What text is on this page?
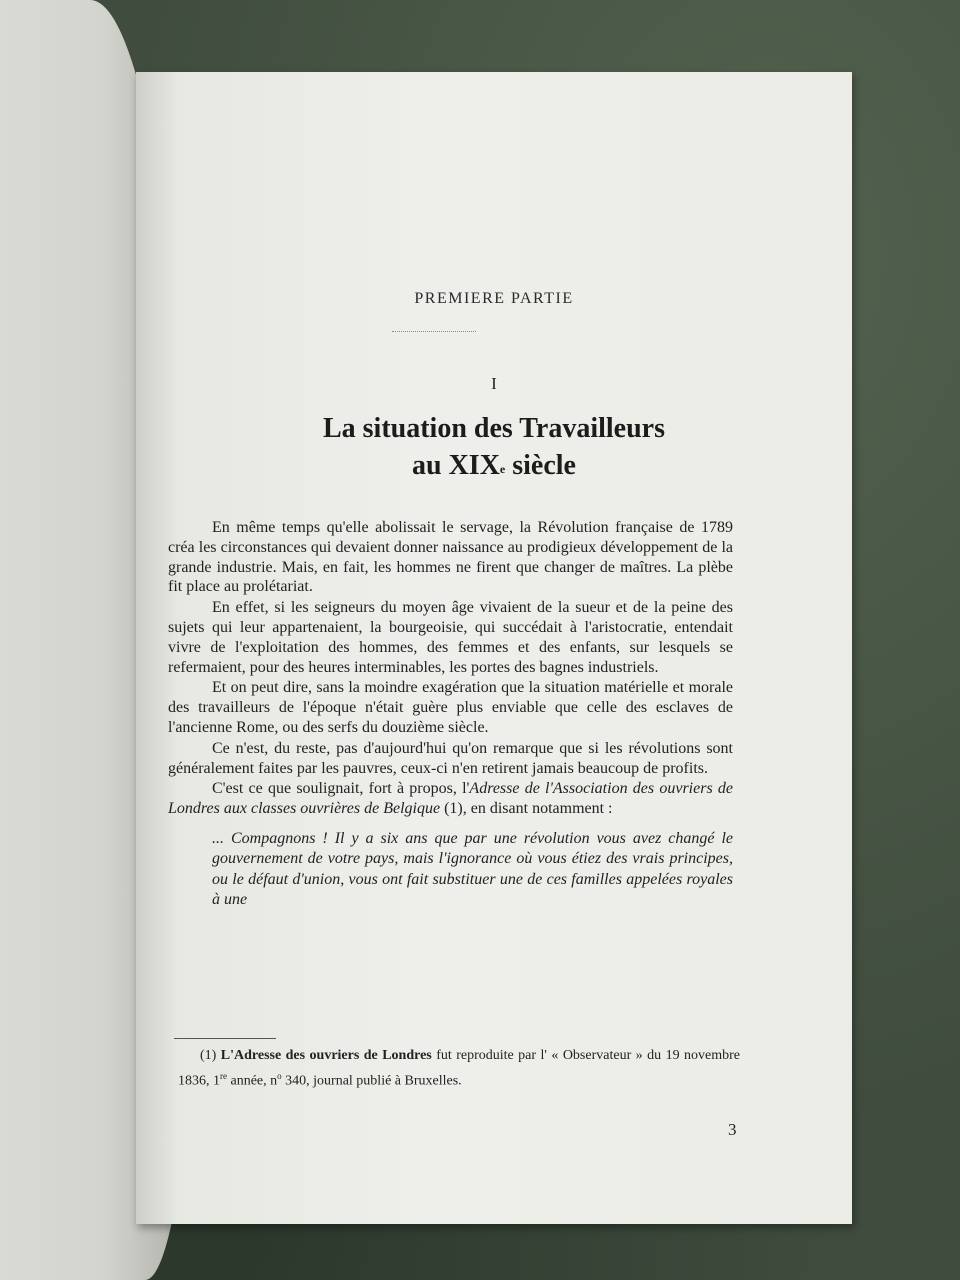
PREMIERE PARTIE
I
La situation des Travailleurs
au XIXe siècle

En même temps qu'elle abolissait le servage, la Révolution française de 1789 créa les circonstances qui devaient donner naissance au prodigieux développement de la grande industrie. Mais, en fait, les hommes ne firent que changer de maîtres. La plèbe fit place au prolétariat.

En effet, si les seigneurs du moyen âge vivaient de la sueur et de la peine des sujets qui leur appartenaient, la bourgeoisie, qui succédait à l'aristocratie, entendait vivre de l'exploitation des hommes, des femmes et des enfants, sur lesquels se refermaient, pour des heures interminables, les portes des bagnes industriels.

Et on peut dire, sans la moindre exagération que la situation matérielle et morale des travailleurs de l'époque n'était guère plus enviable que celle des esclaves de l'ancienne Rome, ou des serfs du douzième siècle.

Ce n'est, du reste, pas d'aujourd'hui qu'on remarque que si les révolutions sont généralement faites par les pauvres, ceux-ci n'en retirent jamais beaucoup de profits.

C'est ce que soulignait, fort à propos, l'Adresse de l'Association des ouvriers de Londres aux classes ouvrières de Belgique (1), en disant notamment :

... Compagnons ! Il y a six ans que par une révolution vous avez changé le gouvernement de votre pays, mais l'ignorance où vous étiez des vrais principes, ou le défaut d'union, vous ont fait substituer une de ces familles appelées royales à une
(1) L'Adresse des ouvriers de Londres fut reproduite par l' « Observateur » du 19 novembre 1836, 1re année, $n^o$ 340, journal publié à Bruxelles.
3
